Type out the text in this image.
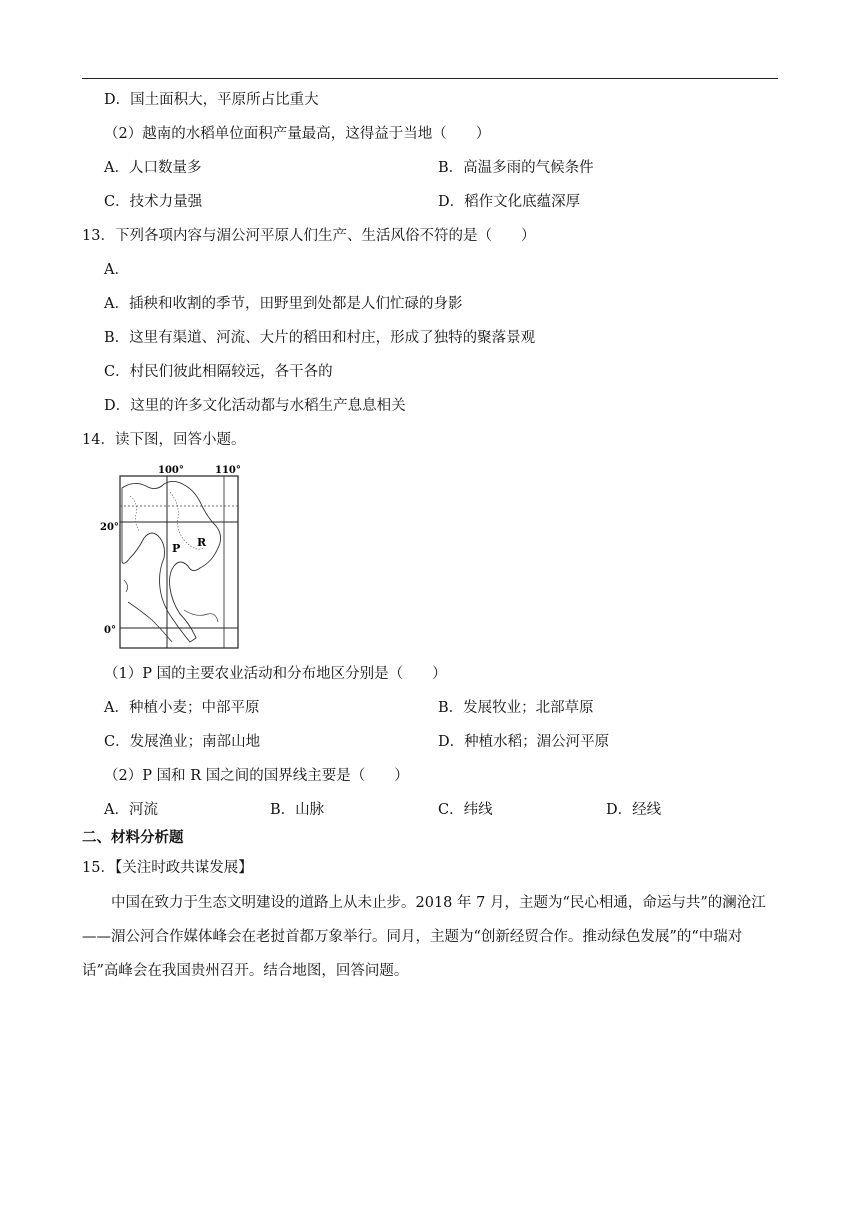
D．国土面积大，平原所占比重大
（2）越南的水稻单位面积产量最高，这得益于当地（　　）
A．人口数量多	B．高温多雨的气候条件
C．技术力量强	D．稻作文化底蕴深厚
13．下列各项内容与湄公河平原人们生产、生活风俗不符的是（　　）
A．
A．插秧和收割的季节，田野里到处都是人们忙碌的身影
B．这里有渠道、河流、大片的稻田和村庄，形成了独特的聚落景观
C．村民们彼此相隔较远，各干各的
D．这里的许多文化活动都与水稻生产息息相关
14．读下图，回答小题。
100°	110°
20°
0°
P R
（1）P 国的主要农业活动和分布地区分别是（　　）
A．种植小麦；中部平原	B．发展牧业；北部草原
C．发展渔业；南部山地	D．种植水稻；湄公河平原
（2）P 国和 R 国之间的国界线主要是（　　）
A．河流	B．山脉	C．纬线	D．经线
二、材料分析题
15．【关注时政共谋发展】
中国在致力于生态文明建设的道路上从未止步。2018 年 7 月，主题为“民心相通，命运与共”的澜沧江——湄公河合作媒体峰会在老挝首都万象举行。同月，主题为“创新经贸合作。推动绿色发展”的“中瑞对话”高峰会在我国贵州召开。结合地图，回答问题。
